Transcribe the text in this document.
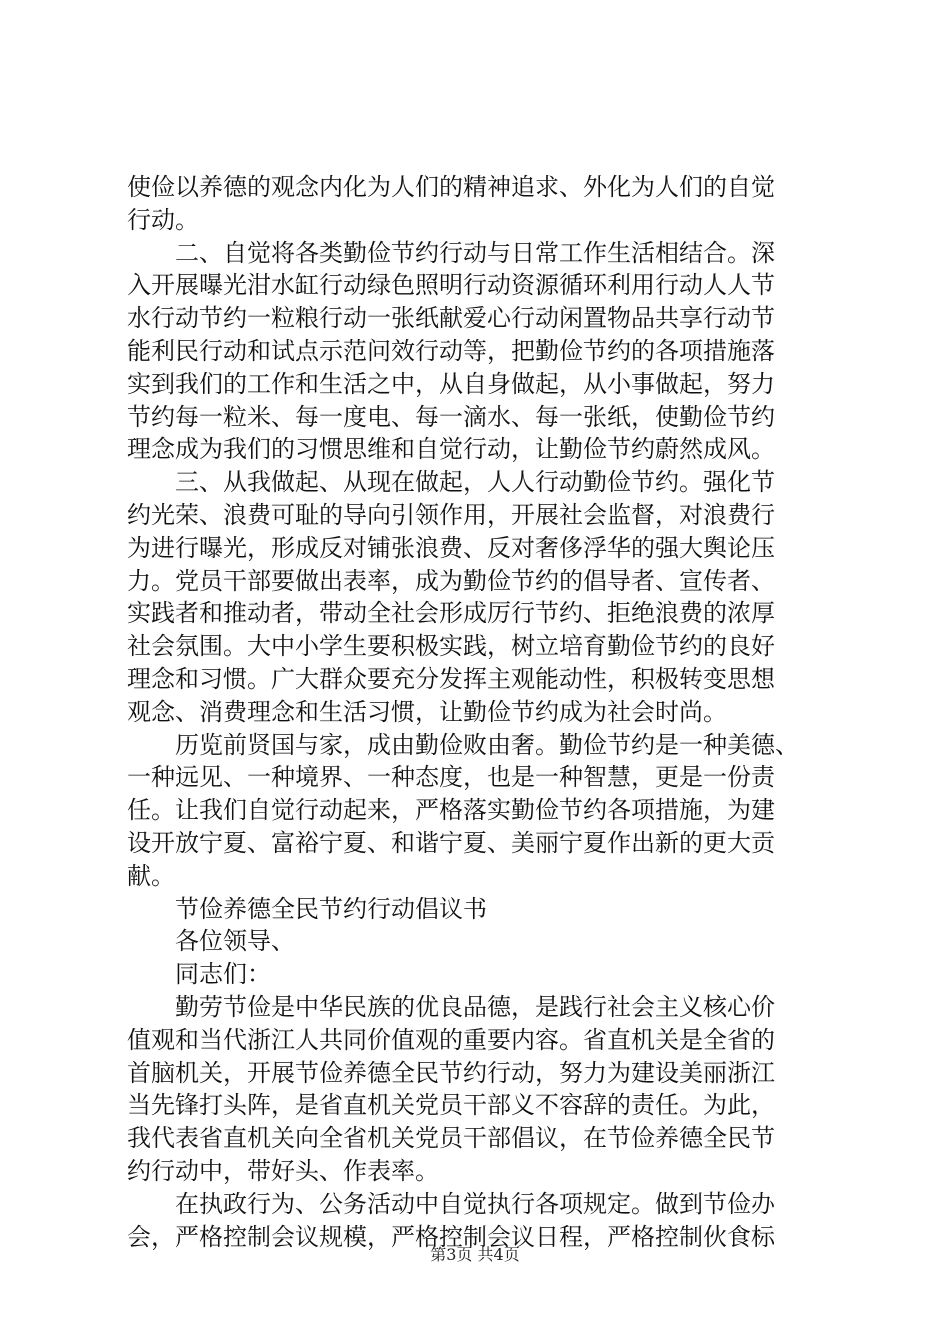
使俭以养德的观念内化为人们的精神追求、外化为人们的自觉
行动。
　　二、自觉将各类勤俭节约行动与日常工作生活相结合。深
入开展曝光泔水缸行动绿色照明行动资源循环利用行动人人节
水行动节约一粒粮行动一张纸献爱心行动闲置物品共享行动节
能利民行动和试点示范问效行动等，把勤俭节约的各项措施落
实到我们的工作和生活之中，从自身做起，从小事做起，努力
节约每一粒米、每一度电、每一滴水、每一张纸，使勤俭节约
理念成为我们的习惯思维和自觉行动，让勤俭节约蔚然成风。
　　三、从我做起、从现在做起，人人行动勤俭节约。强化节
约光荣、浪费可耻的导向引领作用，开展社会监督，对浪费行
为进行曝光，形成反对铺张浪费、反对奢侈浮华的强大舆论压
力。党员干部要做出表率，成为勤俭节约的倡导者、宣传者、
实践者和推动者，带动全社会形成厉行节约、拒绝浪费的浓厚
社会氛围。大中小学生要积极实践，树立培育勤俭节约的良好
理念和习惯。广大群众要充分发挥主观能动性，积极转变思想
观念、消费理念和生活习惯，让勤俭节约成为社会时尚。
　　历览前贤国与家，成由勤俭败由奢。勤俭节约是一种美德、
一种远见、一种境界、一种态度，也是一种智慧，更是一份责
任。让我们自觉行动起来，严格落实勤俭节约各项措施，为建
设开放宁夏、富裕宁夏、和谐宁夏、美丽宁夏作出新的更大贡
献。
　　节俭养德全民节约行动倡议书
　　各位领导、
　　同志们：
　　勤劳节俭是中华民族的优良品德，是践行社会主义核心价
值观和当代浙江人共同价值观的重要内容。省直机关是全省的
首脑机关，开展节俭养德全民节约行动，努力为建设美丽浙江
当先锋打头阵，是省直机关党员干部义不容辞的责任。为此，
我代表省直机关向全省机关党员干部倡议，在节俭养德全民节
约行动中，带好头、作表率。
　　在执政行为、公务活动中自觉执行各项规定。做到节俭办
会，严格控制会议规模，严格控制会议日程，严格控制伙食标
第3页 共4页
